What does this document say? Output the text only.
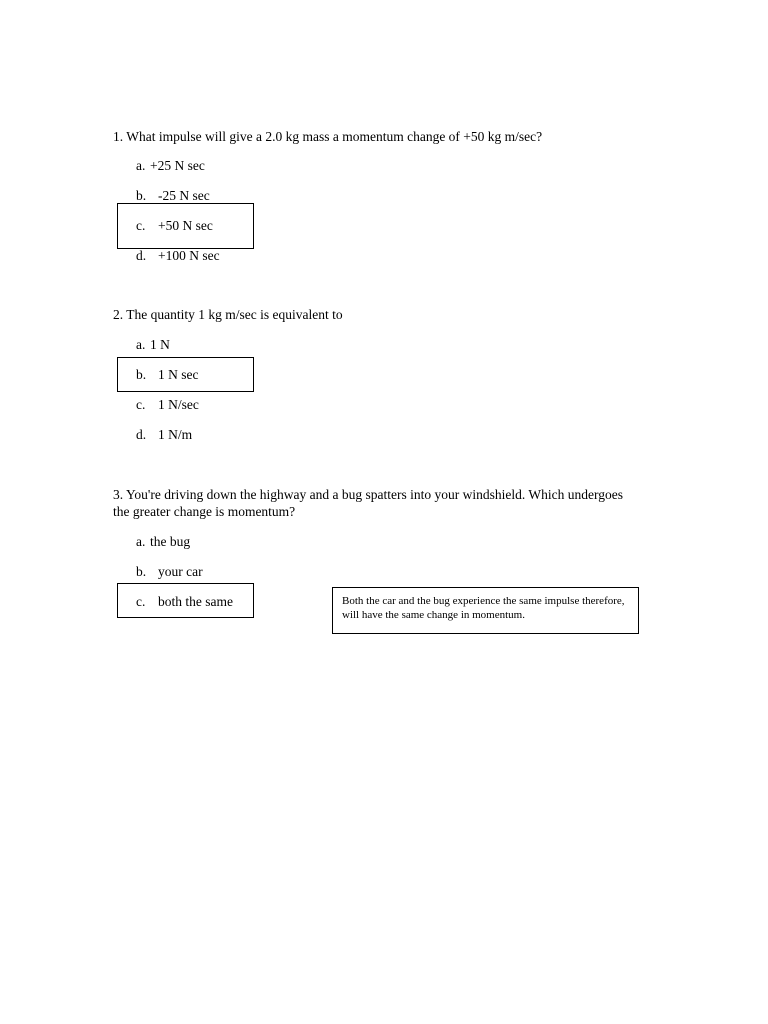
1. What impulse will give a 2.0 kg mass a momentum change of +50 kg m/sec?
a. +25 N sec
b. -25 N sec
c. +50 N sec
d. +100 N sec
2. The quantity 1 kg m/sec is equivalent to
a. 1 N
b. 1 N sec
c. 1 N/sec
d. 1 N/m
3. You're driving down the highway and a bug spatters into your windshield. Which undergoes the greater change is momentum?
a. the bug
b. your car
c. both the same	Both the car and the bug experience the same impulse therefore, will have the same change in momentum.
